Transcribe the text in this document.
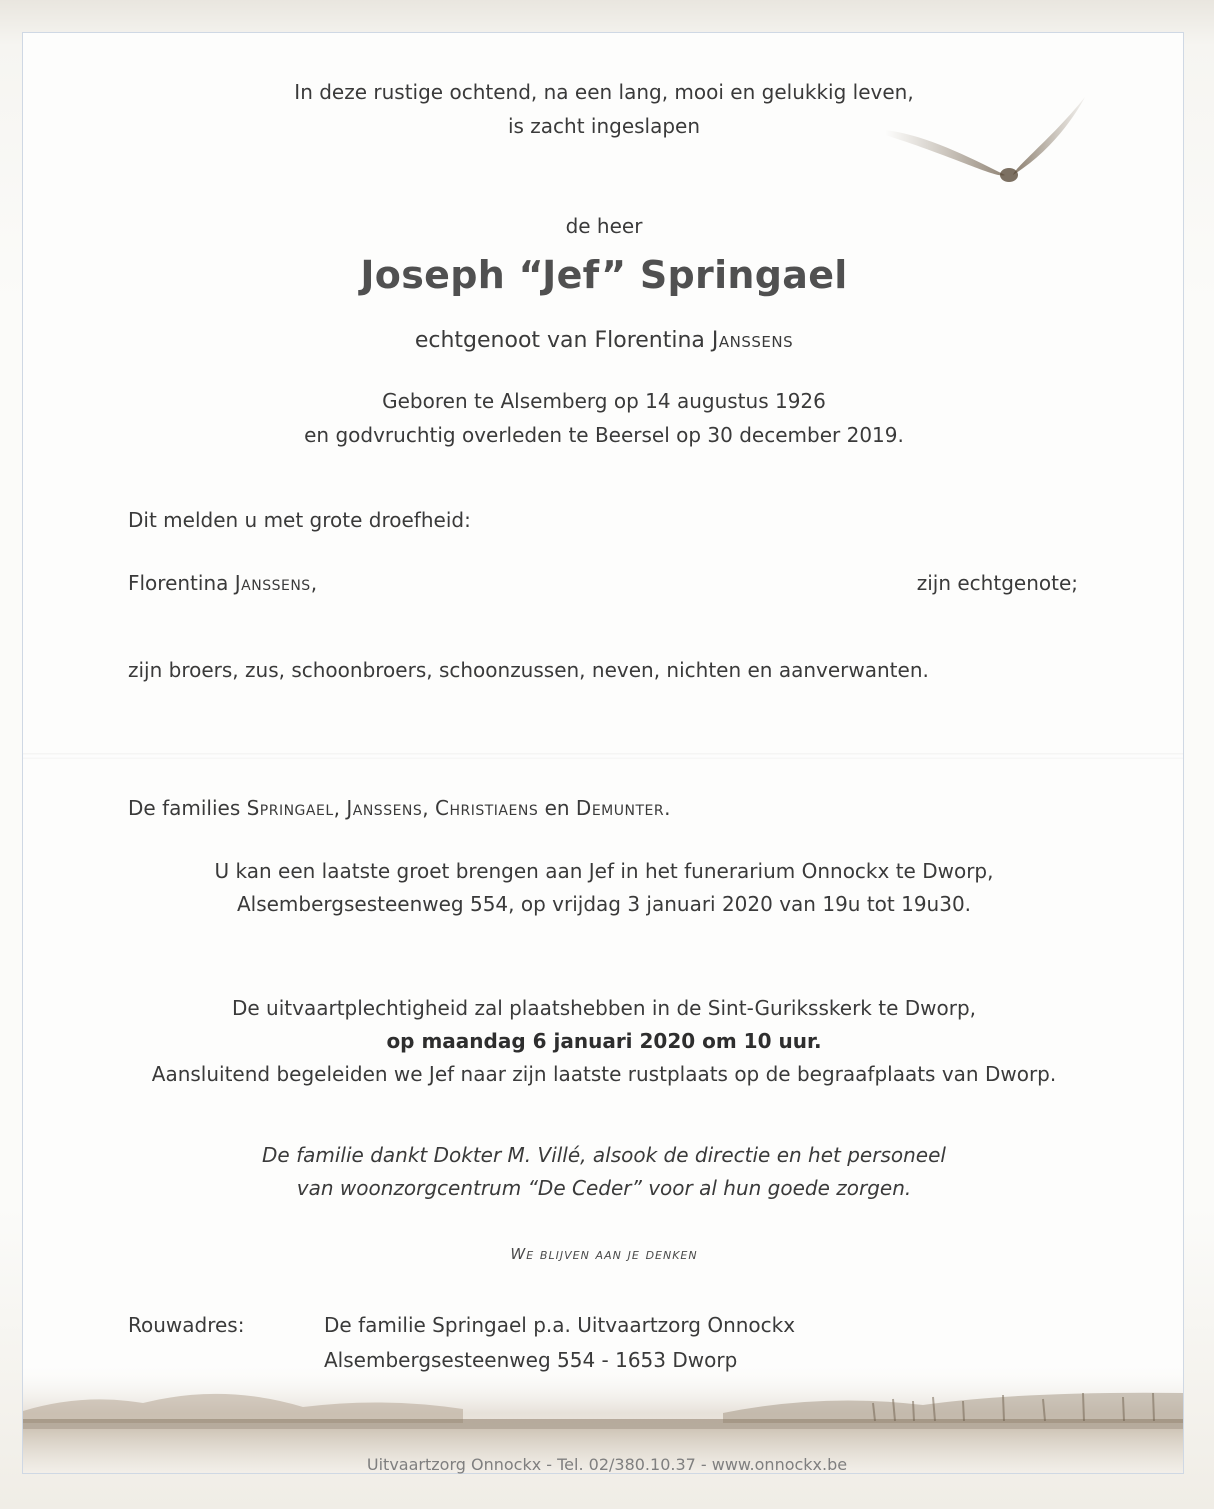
In deze rustige ochtend, na een lang, mooi en gelukkig leven,
is zacht ingeslapen
de heer
Joseph “Jef” Springael
echtgenoot van Florentina Janssens
Geboren te Alsemberg op 14 augustus 1926
en godvruchtig overleden te Beersel op 30 december 2019.
Dit melden u met grote droefheid:
Florentina Janssens,	zijn echtgenote;
zijn broers, zus, schoonbroers, schoonzussen, neven, nichten en aanverwanten.
De families Springael, Janssens, Christiaens en Demunter.
U kan een laatste groet brengen aan Jef in het funerarium Onnockx te Dworp,
Alsembergsesteenweg 554, op vrijdag 3 januari 2020 van 19u tot 19u30.
De uitvaartplechtigheid zal plaatshebben in de Sint-Guriksskerk te Dworp,
op maandag 6 januari 2020 om 10 uur.
Aansluitend begeleiden we Jef naar zijn laatste rustplaats op de begraafplaats van Dworp.
De familie dankt Dokter M. Villé, alsook de directie en het personeel
van woonzorgcentrum “De Ceder” voor al hun goede zorgen.
We blijven aan je denken
Rouwadres:	De familie Springael p.a. Uitvaartzorg Onnockx
Alsembergsesteenweg 554 - 1653 Dworp
Uitvaartzorg Onnockx - Tel. 02/380.10.37 - www.onnockx.be
